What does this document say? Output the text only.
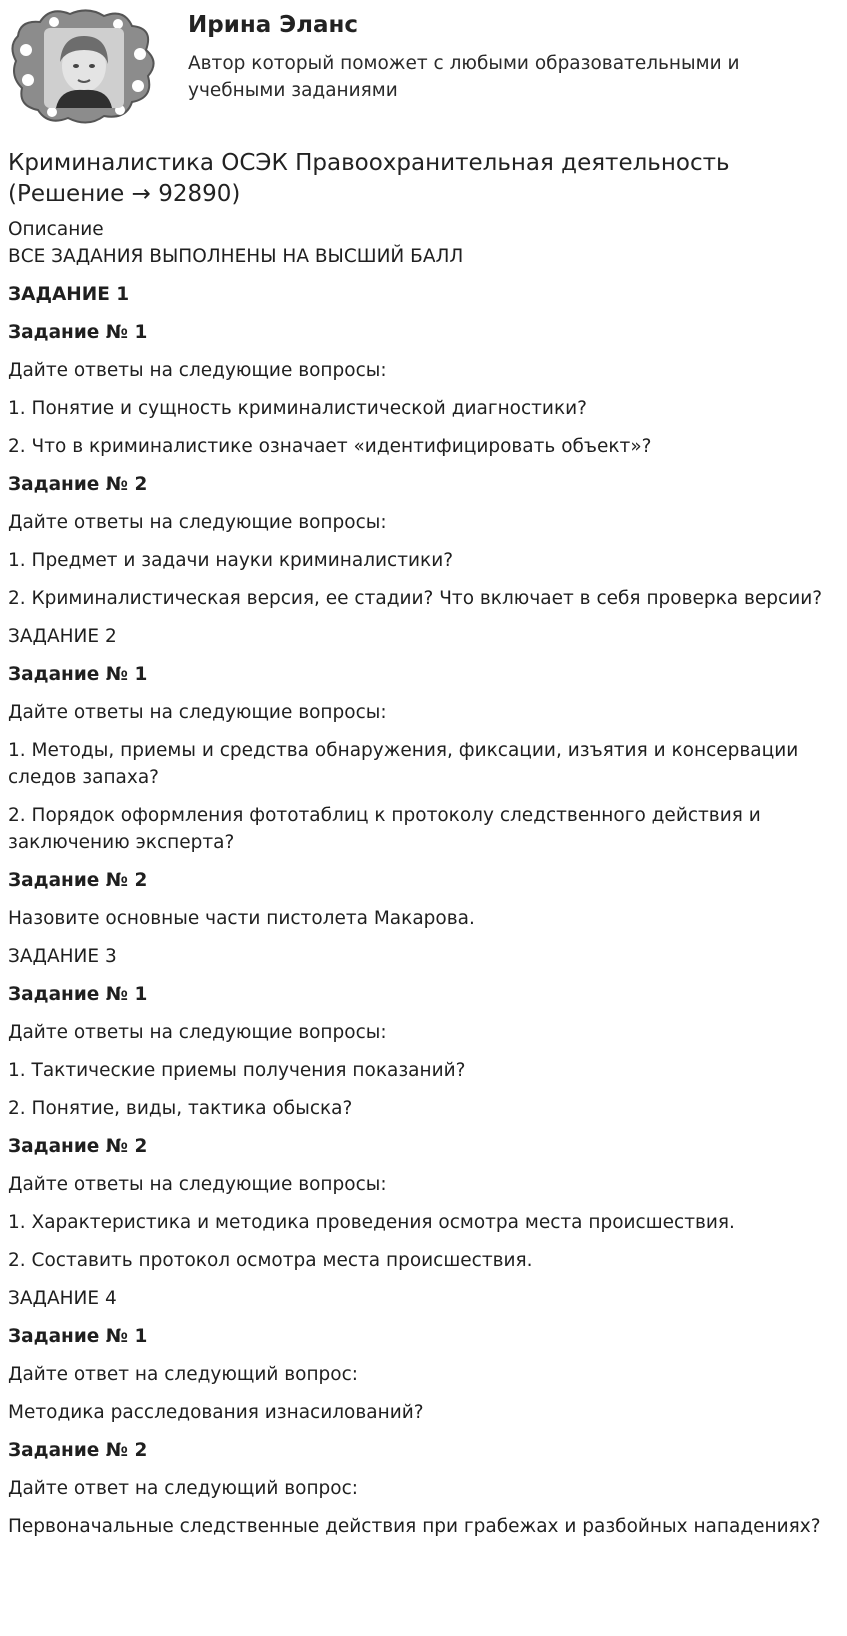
Ирина Эланс
Автор который поможет с любыми образовательными и учебными заданиями
Криминалистика ОСЭК Правоохранительная деятельность (Решение → 92890)

Описание

ВСЕ ЗАДАНИЯ ВЫПОЛНЕНЫ НА ВЫСШИЙ БАЛЛ

ЗАДАНИЕ 1

Задание № 1

Дайте ответы на следующие вопросы:

1. Понятие и сущность криминалистической диагностики?

2. Что в криминалистике означает «идентифицировать объект»?

Задание № 2

Дайте ответы на следующие вопросы:

1. Предмет и задачи науки криминалистики?

2. Криминалистическая версия, ее стадии? Что включает в себя проверка версии?

ЗАДАНИЕ 2

Задание № 1

Дайте ответы на следующие вопросы:

1. Методы, приемы и средства обнаружения, фиксации, изъятия и консервации следов запаха?

2. Порядок оформления фототаблиц к протоколу следственного действия и заключению эксперта?

Задание № 2

Назовите основные части пистолета Макарова.

ЗАДАНИЕ 3

Задание № 1

Дайте ответы на следующие вопросы:

1. Тактические приемы получения показаний?

2. Понятие, виды, тактика обыска?

Задание № 2

Дайте ответы на следующие вопросы:

1. Характеристика и методика проведения осмотра места происшествия.

2. Составить протокол осмотра места происшествия.

ЗАДАНИЕ 4

Задание № 1

Дайте ответ на следующий вопрос:

Методика расследования изнасилований?

Задание № 2

Дайте ответ на следующий вопрос:

Первоначальные следственные действия при грабежах и разбойных нападениях?
